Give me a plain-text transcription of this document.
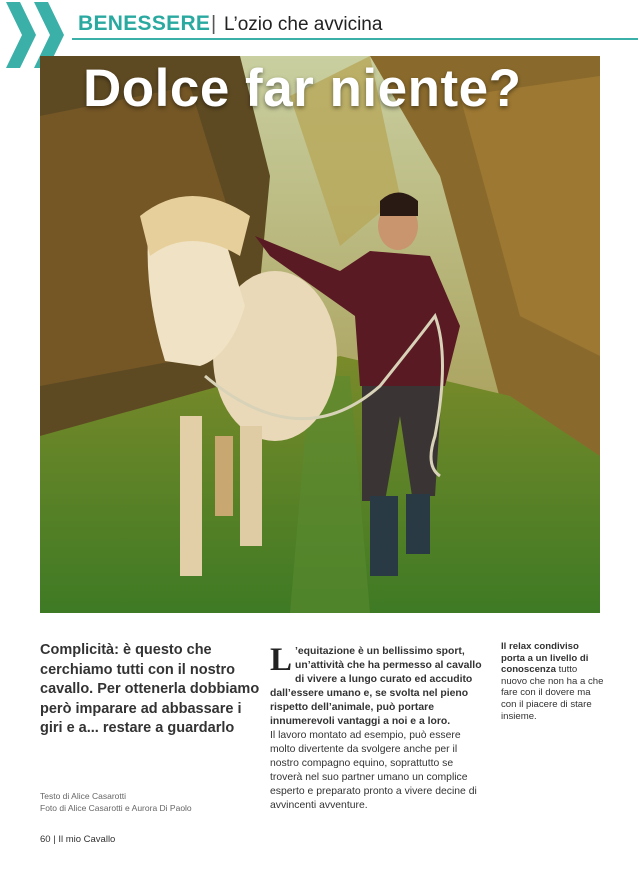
BENESSERE | L’ozio che avvicina
Dolce far niente?
Complicità: è questo che cerchiamo tutti con il nostro cavallo. Per ottenerla dobbiamo però imparare ad abbassare i giri e a... restare a guardarlo
Testo di Alice Casarotti
Foto di Alice Casarotti e Aurora Di Paolo
L ’equitazione è un bellissimo sport, un’attività che ha permesso al cavallo di vivere a lungo curato ed accudito dall’essere umano e, se svolta nel pieno rispetto dell’animale, può portare innumerevoli vantaggi a noi e a loro.
Il lavoro montato ad esempio, può essere molto divertente da svolgere anche per il nostro compagno equino, soprattutto se troverà nel suo partner umano un complice esperto e preparato pronto a vivere decine di avvincenti avventure.
Il relax condiviso porta a un livello di conoscenza tutto nuovo che non ha a che fare con il dovere ma con il piacere di stare insieme.
60 | Il mio Cavallo
